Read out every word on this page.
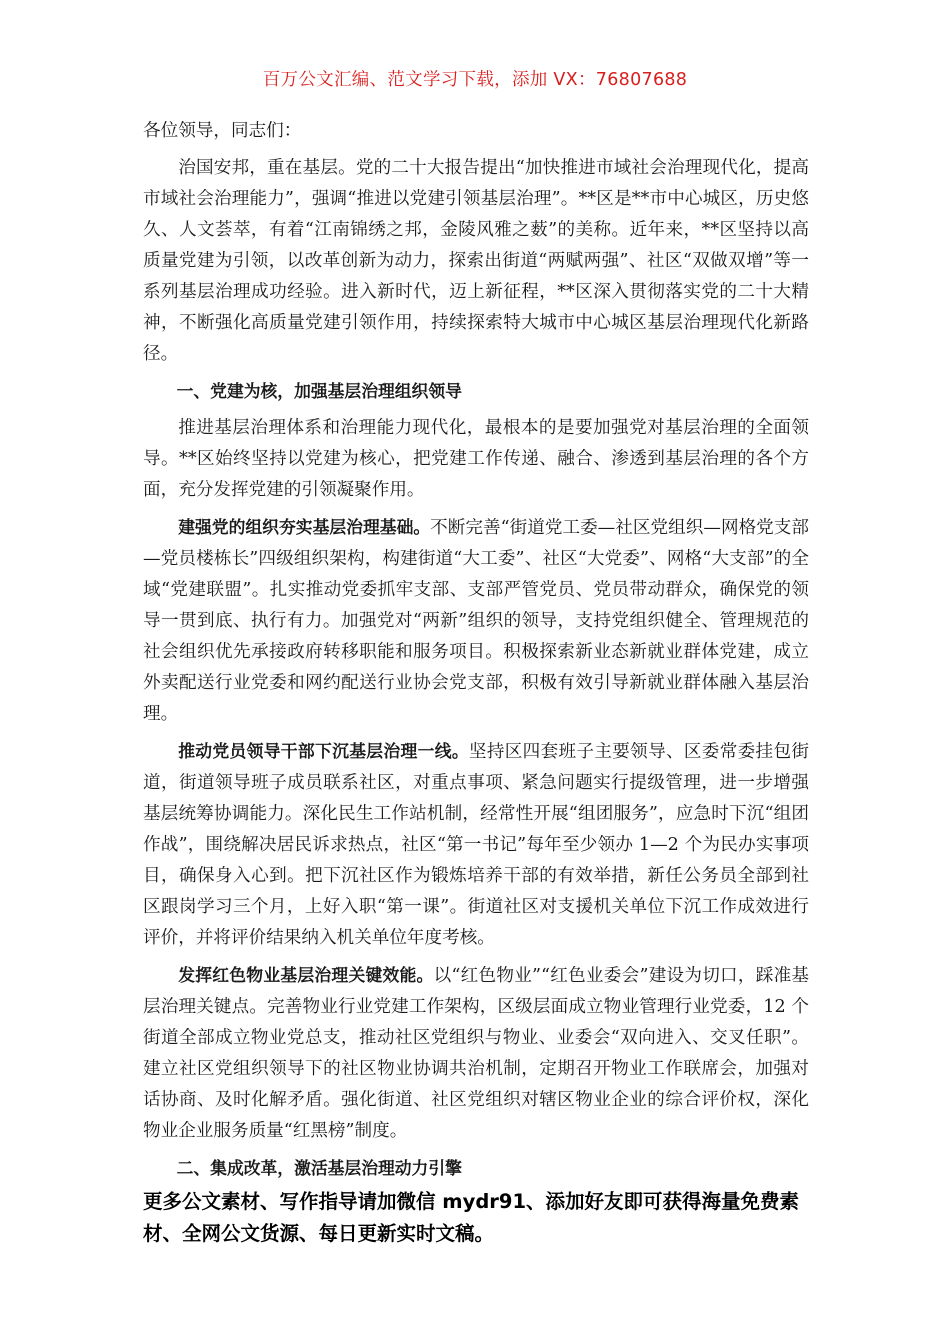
百万公文汇编、范文学习下载，添加 VX：76807688

各位领导，同志们：

治国安邦，重在基层。党的二十大报告提出“加快推进市域社会治理现代化，提高市域社会治理能力”，强调“推进以党建引领基层治理”。**区是**市中心城区，历史悠久、人文荟萃，有着“江南锦绣之邦，金陵风雅之薮”的美称。近年来，**区坚持以高质量党建为引领，以改革创新为动力，探索出街道“两赋两强”、社区“双做双增”等一系列基层治理成功经验。进入新时代，迈上新征程，**区深入贯彻落实党的二十大精神，不断强化高质量党建引领作用，持续探索特大城市中心城区基层治理现代化新路径。

一、党建为核，加强基层治理组织领导

推进基层治理体系和治理能力现代化，最根本的是要加强党对基层治理的全面领导。**区始终坚持以党建为核心，把党建工作传递、融合、渗透到基层治理的各个方面，充分发挥党建的引领凝聚作用。

建强党的组织夯实基层治理基础。不断完善“街道党工委—社区党组织—网格党支部—党员楼栋长”四级组织架构，构建街道“大工委”、社区“大党委”、网格“大支部”的全域“党建联盟”。扎实推动党委抓牢支部、支部严管党员、党员带动群众，确保党的领导一贯到底、执行有力。加强党对“两新”组织的领导，支持党组织健全、管理规范的社会组织优先承接政府转移职能和服务项目。积极探索新业态新就业群体党建，成立外卖配送行业党委和网约配送行业协会党支部，积极有效引导新就业群体融入基层治理。

推动党员领导干部下沉基层治理一线。坚持区四套班子主要领导、区委常委挂包街道，街道领导班子成员联系社区，对重点事项、紧急问题实行提级管理，进一步增强基层统筹协调能力。深化民生工作站机制，经常性开展“组团服务”，应急时下沉“组团作战”，围绕解决居民诉求热点，社区“第一书记”每年至少领办 1—2 个为民办实事项目，确保身入心到。把下沉社区作为锻炼培养干部的有效举措，新任公务员全部到社区跟岗学习三个月，上好入职“第一课”。街道社区对支援机关单位下沉工作成效进行评价，并将评价结果纳入机关单位年度考核。

发挥红色物业基层治理关键效能。以“红色物业”“红色业委会”建设为切口，踩准基层治理关键点。完善物业行业党建工作架构，区级层面成立物业管理行业党委，12 个街道全部成立物业党总支，推动社区党组织与物业、业委会“双向进入、交叉任职”。建立社区党组织领导下的社区物业协调共治机制，定期召开物业工作联席会，加强对话协商、及时化解矛盾。强化街道、社区党组织对辖区物业企业的综合评价权，深化物业企业服务质量“红黑榜”制度。

二、集成改革，激活基层治理动力引擎

更多公文素材、写作指导请加微信 mydr91、添加好友即可获得海量免费素材、全网公文货源、每日更新实时文稿。
